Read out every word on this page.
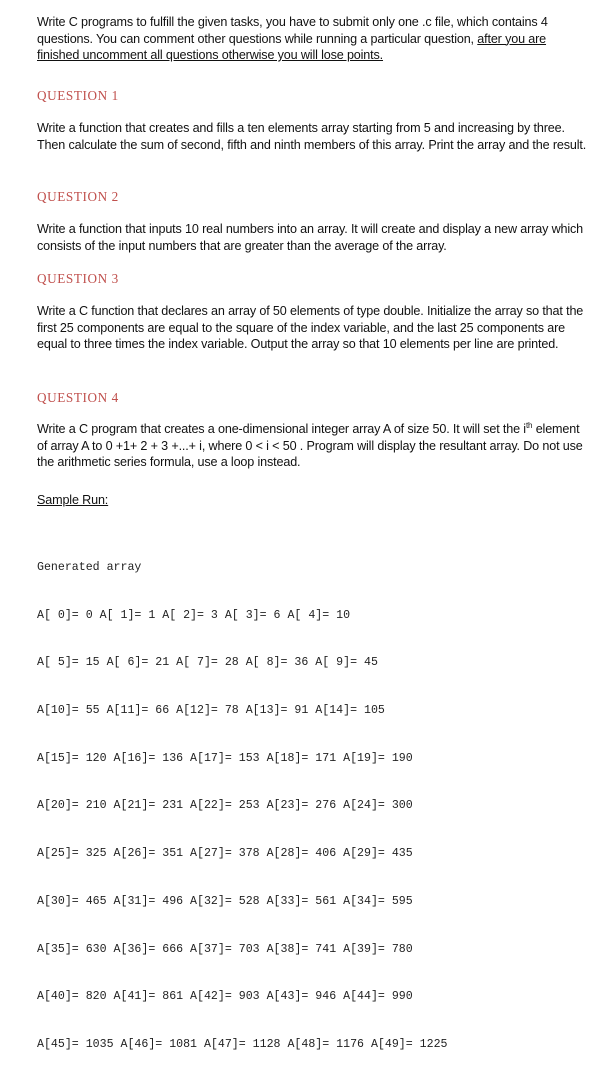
Write C programs to fulfill the given tasks, you have to submit only one .c file, which contains 4 questions. You can comment other questions while running a particular question, after you are finished uncomment all questions otherwise you will lose points.
QUESTION 1
Write a function that creates and fills a ten elements array starting from 5 and increasing by three. Then calculate the sum of second, fifth and ninth members of this array. Print the array and the result.
QUESTION 2
Write a function that inputs 10 real numbers into an array. It will create and display a new array which consists of the input numbers that are greater than the average of the array.
QUESTION 3
Write a C function that declares an array of 50 elements of type double. Initialize the array so that the first 25 components are equal to the square of the index variable, and the last 25 components are equal to three times the index variable. Output the array so that 10 elements per line are printed.
QUESTION 4
Write a C program that creates a one-dimensional integer array A of size 50. It will set the $i^{th}$ element of array A to 0 +1+ 2 + 3 +...+ i, where 0 < i < 50 . Program will display the resultant array. Do not use the arithmetic series formula, use a loop instead.
Sample Run:

Generated array

A[ 0]= 0 A[ 1]= 1 A[ 2]= 3 A[ 3]= 6 A[ 4]= 10

A[ 5]= 15 A[ 6]= 21 A[ 7]= 28 A[ 8]= 36 A[ 9]= 45

A[10]= 55 A[11]= 66 A[12]= 78 A[13]= 91 A[14]= 105

A[15]= 120 A[16]= 136 A[17]= 153 A[18]= 171 A[19]= 190

A[20]= 210 A[21]= 231 A[22]= 253 A[23]= 276 A[24]= 300

A[25]= 325 A[26]= 351 A[27]= 378 A[28]= 406 A[29]= 435

A[30]= 465 A[31]= 496 A[32]= 528 A[33]= 561 A[34]= 595

A[35]= 630 A[36]= 666 A[37]= 703 A[38]= 741 A[39]= 780

A[40]= 820 A[41]= 861 A[42]= 903 A[43]= 946 A[44]= 990

A[45]= 1035 A[46]= 1081 A[47]= 1128 A[48]= 1176 A[49]= 1225
